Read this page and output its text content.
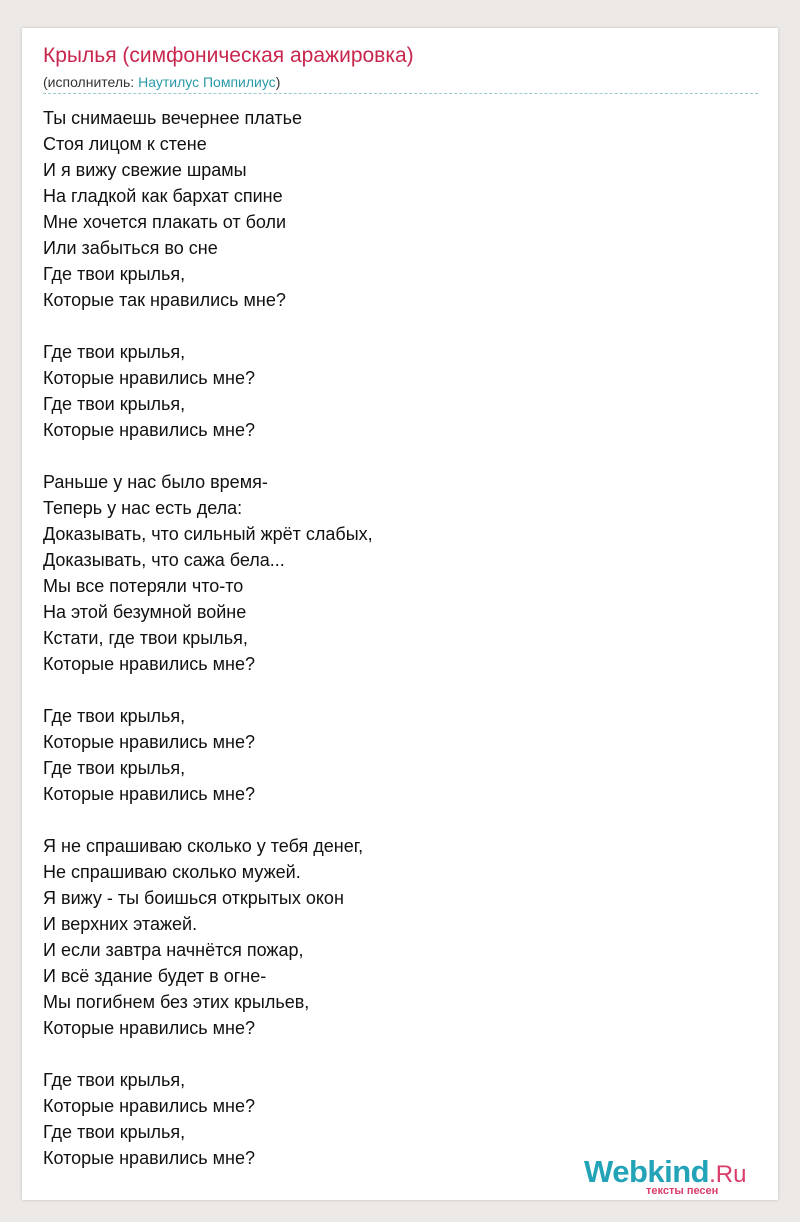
Крылья (симфоническая аражировка)
(исполнитель: Наутилус Помпилиус)
Ты снимаешь вечернее платье
Стоя лицом к стене
И я вижу свежие шрамы
На гладкой как бархат спине
Мне хочется плакать от боли
Или забыться во сне
Где твои крылья,
Которые так нравились мне?
Где твои крылья,
Которые нравились мне?
Где твои крылья,
Которые нравились мне?
Раньше у нас было время-
Теперь у нас есть дела:
Доказывать, что сильный жрёт слабых,
Доказывать, что сажа бела...
Мы все потеряли что-то
На этой безумной войне
Кстати, где твои крылья,
Которые нравились мне?
Где твои крылья,
Которые нравились мне?
Где твои крылья,
Которые нравились мне?
Я не спрашиваю сколько у тебя денег,
Не спрашиваю сколько мужей.
Я вижу - ты боишься открытых окон
И верхних этажей.
И если завтра начнётся пожар,
И всё здание будет в огне-
Мы погибнем без этих крыльев,
Которые нравились мне?
Где твои крылья,
Которые нравились мне?
Где твои крылья,
Которые нравились мне?	Webkind.Ru
тексты песен
